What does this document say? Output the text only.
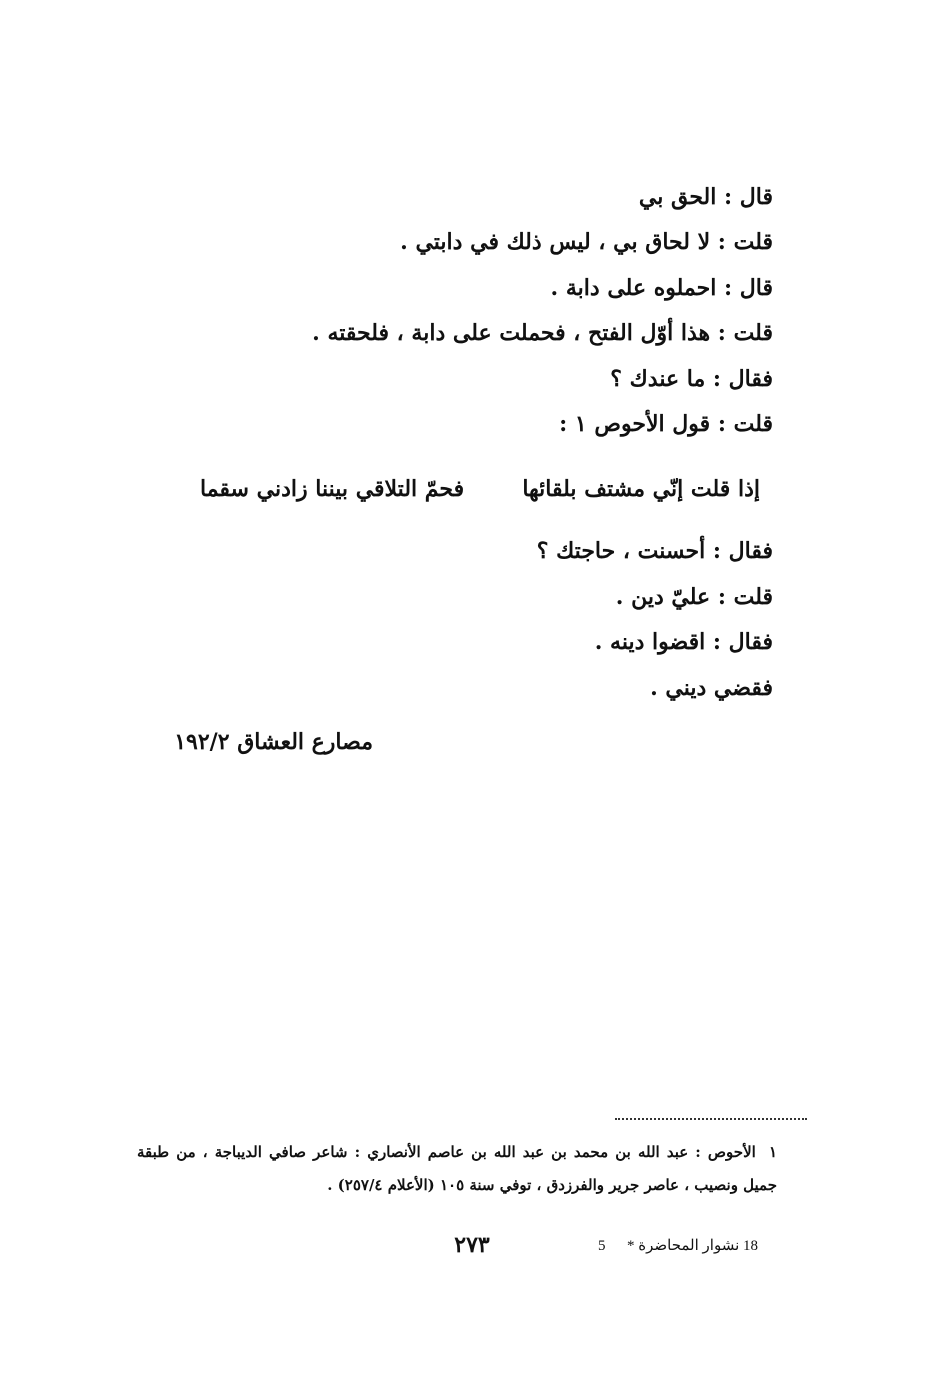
قال : الحق بي
قلت : لا لحاق بي ، ليس ذلك في دابتي .
قال : احملوه على دابة .
قلت : هذا أوّل الفتح ، فحملت على دابة ، فلحقته .
فقال : ما عندك ؟
قلت : قول الأحوص ١ :
إذا قلت إنّي مشتف بلقائها
فحمّ التلاقي بيننا زادني سقما
فقال : أحسنت ، حاجتك ؟
قلت : عليّ دين .
فقال : اقضوا دينه .
فقضي ديني .
مصارع العشاق ١٩٢/٢
١ الأحوص : عبد الله بن محمد بن عبد الله بن عاصم الأنصاري : شاعر صافي الديباجة ، من طبقة جميل ونصيب ، عاصر جرير والفرزدق ، توفي سنة ١٠٥ (الأعلام ٢٥٧/٤) .
٢٧٣	5 * نشوار المحاضرة 18
